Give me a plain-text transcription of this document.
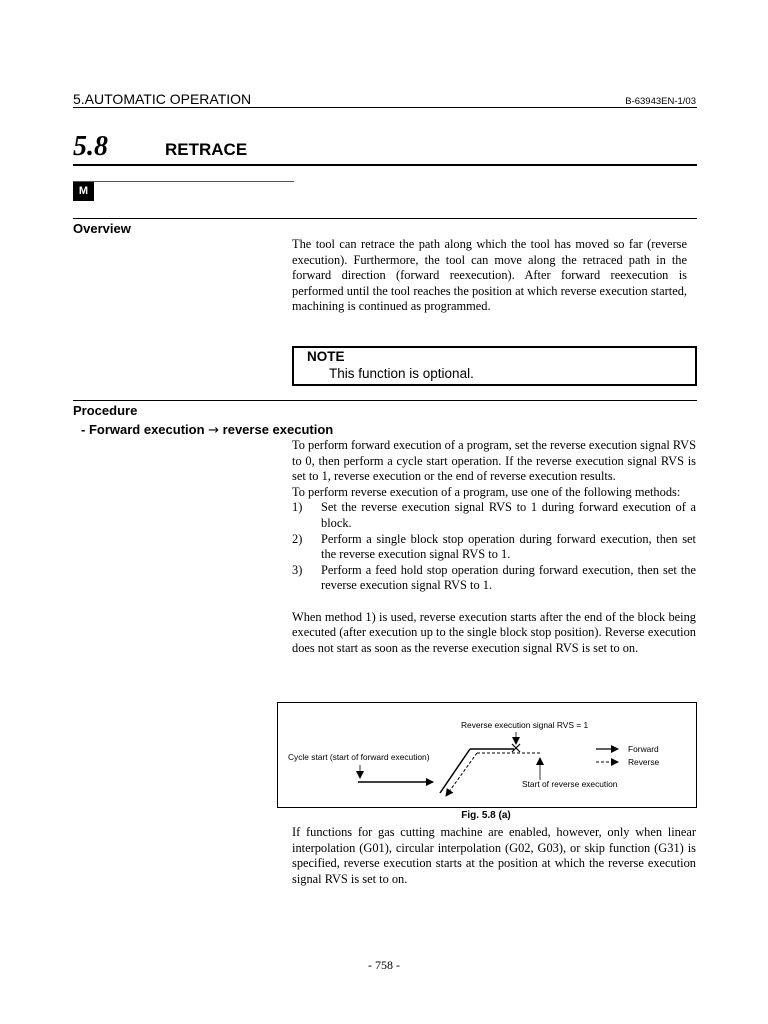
5.AUTOMATIC OPERATION	B-63943EN-1/03
5.8	RETRACE
M
Overview

The tool can retrace the path along which the tool has moved so far (reverse execution). Furthermore, the tool can move along the retraced path in the forward direction (forward reexecution). After forward reexecution is performed until the tool reaches the position at which reverse execution started, machining is continued as programmed.

NOTE
This function is optional.
Procedure
- Forward execution → reverse execution

To perform forward execution of a program, set the reverse execution signal RVS to 0, then perform a cycle start operation. If the reverse execution signal RVS is set to 1, reverse execution or the end of reverse execution results.

To perform reverse execution of a program, use one of the following methods:

1) Set the reverse execution signal RVS to 1 during forward execution of a block.
2) Perform a single block stop operation during forward execution, then set the reverse execution signal RVS to 1.
3) Perform a feed hold stop operation during forward execution, then set the reverse execution signal RVS to 1.

When method 1) is used, reverse execution starts after the end of the block being executed (after execution up to the single block stop position). Reverse execution does not start as soon as the reverse execution signal RVS is set to on.

Reverse execution signal RVS = 1
Cycle start (start of forward execution)
Start of reverse execution
Forward
Reverse
Fig. 5.8 (a)

If functions for gas cutting machine are enabled, however, only when linear interpolation (G01), circular interpolation (G02, G03), or skip function (G31) is specified, reverse execution starts at the position at which the reverse execution signal RVS is set to on.

- 758 -
